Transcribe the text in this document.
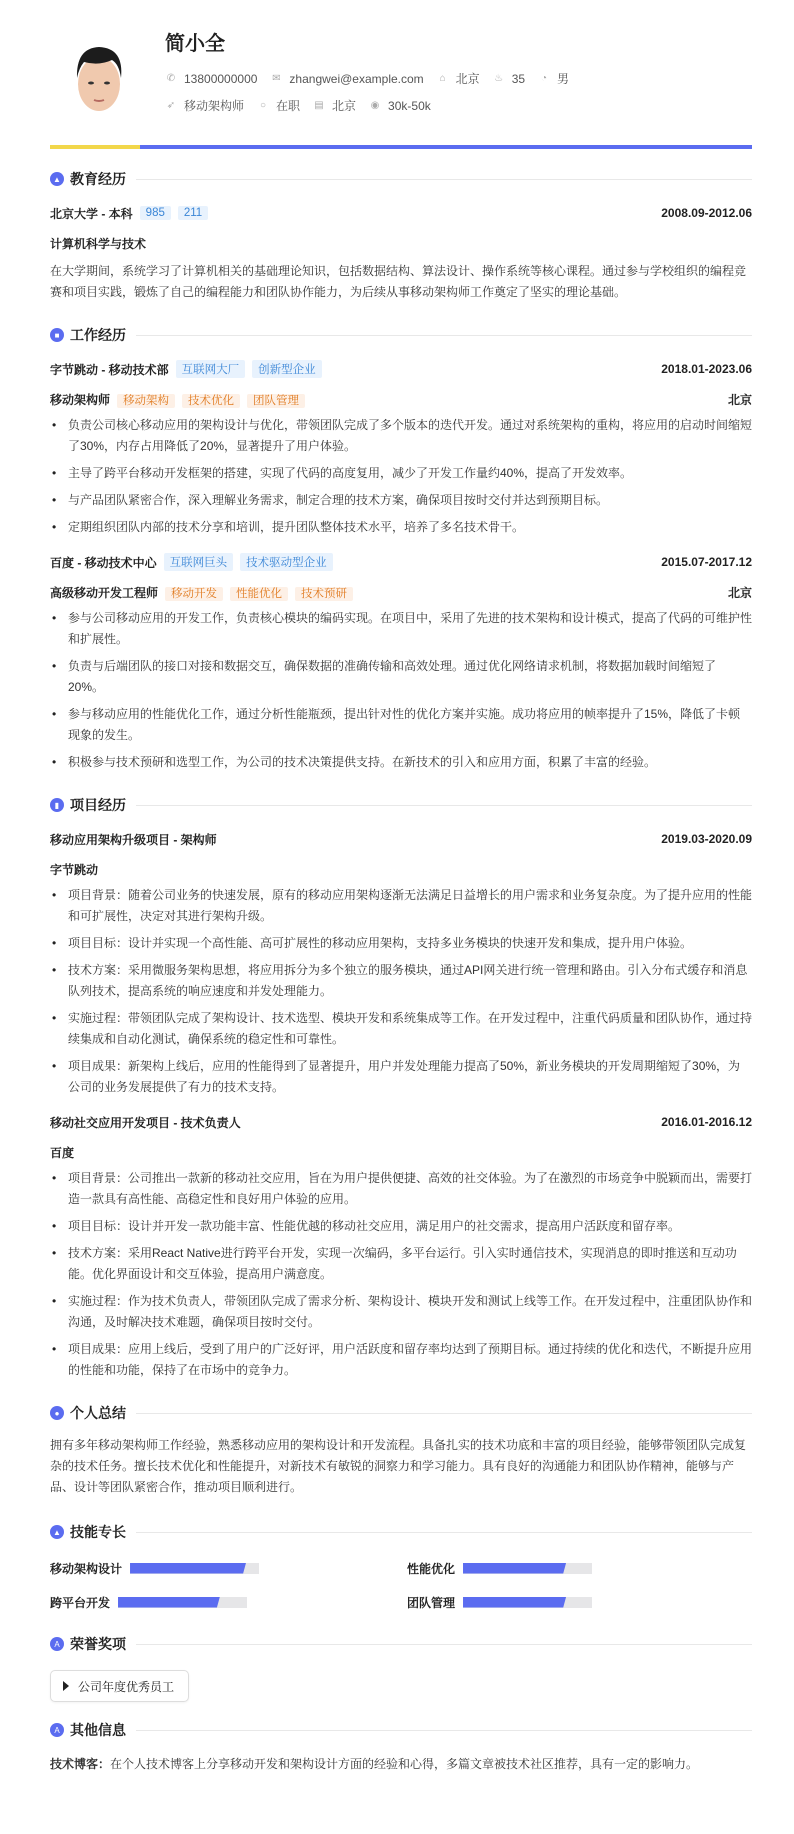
简小全
✆ 13800000000 ✉ zhangwei@example.com ⌂ 北京 ♨ 35 ◔ 男
➶ 移动架构师 ○ 在职 ▤ 北京 ◉ 30k-50k
▲ 教育经历
北京大学 - 本科	985	211	2008.09-2012.06
计算机科学与技术
在大学期间，系统学习了计算机相关的基础理论知识，包括数据结构、算法设计、操作系统等核心课程。通过参与学校组织的编程竞赛和项目实践，锻炼了自己的编程能力和团队协作能力，为后续从事移动架构师工作奠定了坚实的理论基础。
■ 工作经历
字节跳动 - 移动技术部	互联网大厂	创新型企业	2018.01-2023.06
移动架构师 移动架构 技术优化 团队管理	北京
• 负责公司核心移动应用的架构设计与优化，带领团队完成了多个版本的迭代开发。通过对系统架构的重构，将应用的启动时间缩短了30%，内存占用降低了20%，显著提升了用户体验。
• 主导了跨平台移动开发框架的搭建，实现了代码的高度复用，减少了开发工作量约40%，提高了开发效率。
• 与产品团队紧密合作，深入理解业务需求，制定合理的技术方案，确保项目按时交付并达到预期目标。
• 定期组织团队内部的技术分享和培训，提升团队整体技术水平，培养了多名技术骨干。
百度 - 移动技术中心	互联网巨头	技术驱动型企业	2015.07-2017.12
高级移动开发工程师 移动开发 性能优化 技术预研	北京
• 参与公司移动应用的开发工作，负责核心模块的编码实现。在项目中，采用了先进的技术架构和设计模式，提高了代码的可维护性和扩展性。
• 负责与后端团队的接口对接和数据交互，确保数据的准确传输和高效处理。通过优化网络请求机制，将数据加载时间缩短了20%。
• 参与移动应用的性能优化工作，通过分析性能瓶颈，提出针对性的优化方案并实施。成功将应用的帧率提升了15%，降低了卡顿现象的发生。
• 积极参与技术预研和选型工作，为公司的技术决策提供支持。在新技术的引入和应用方面，积累了丰富的经验。
▮ 项目经历
移动应用架构升级项目 - 架构师	2019.03-2020.09
字节跳动
• 项目背景：随着公司业务的快速发展，原有的移动应用架构逐渐无法满足日益增长的用户需求和业务复杂度。为了提升应用的性能和可扩展性，决定对其进行架构升级。
• 项目目标：设计并实现一个高性能、高可扩展性的移动应用架构，支持多业务模块的快速开发和集成，提升用户体验。
• 技术方案：采用微服务架构思想，将应用拆分为多个独立的服务模块，通过API网关进行统一管理和路由。引入分布式缓存和消息队列技术，提高系统的响应速度和并发处理能力。
• 实施过程：带领团队完成了架构设计、技术选型、模块开发和系统集成等工作。在开发过程中，注重代码质量和团队协作，通过持续集成和自动化测试，确保系统的稳定性和可靠性。
• 项目成果：新架构上线后，应用的性能得到了显著提升，用户并发处理能力提高了50%，新业务模块的开发周期缩短了30%，为公司的业务发展提供了有力的技术支持。
移动社交应用开发项目 - 技术负责人	2016.01-2016.12
百度
• 项目背景：公司推出一款新的移动社交应用，旨在为用户提供便捷、高效的社交体验。为了在激烈的市场竞争中脱颖而出，需要打造一款具有高性能、高稳定性和良好用户体验的应用。
• 项目目标：设计并开发一款功能丰富、性能优越的移动社交应用，满足用户的社交需求，提高用户活跃度和留存率。
• 技术方案：采用React Native进行跨平台开发，实现一次编码，多平台运行。引入实时通信技术，实现消息的即时推送和互动功能。优化界面设计和交互体验，提高用户满意度。
• 实施过程：作为技术负责人，带领团队完成了需求分析、架构设计、模块开发和测试上线等工作。在开发过程中，注重团队协作和沟通，及时解决技术难题，确保项目按时交付。
• 项目成果：应用上线后，受到了用户的广泛好评，用户活跃度和留存率均达到了预期目标。通过持续的优化和迭代，不断提升应用的性能和功能，保持了在市场中的竞争力。
● 个人总结
拥有多年移动架构师工作经验，熟悉移动应用的架构设计和开发流程。具备扎实的技术功底和丰富的项目经验，能够带领团队完成复杂的技术任务。擅长技术优化和性能提升，对新技术有敏锐的洞察力和学习能力。具有良好的沟通能力和团队协作精神，能够与产品、设计等团队紧密合作，推动项目顺利进行。
▲ 技能专长
移动架构设计	性能优化
跨平台开发	团队管理
A 荣誉奖项
公司年度优秀员工
A 其他信息
技术博客：在个人技术博客上分享移动开发和架构设计方面的经验和心得，多篇文章被技术社区推荐，具有一定的影响力。
